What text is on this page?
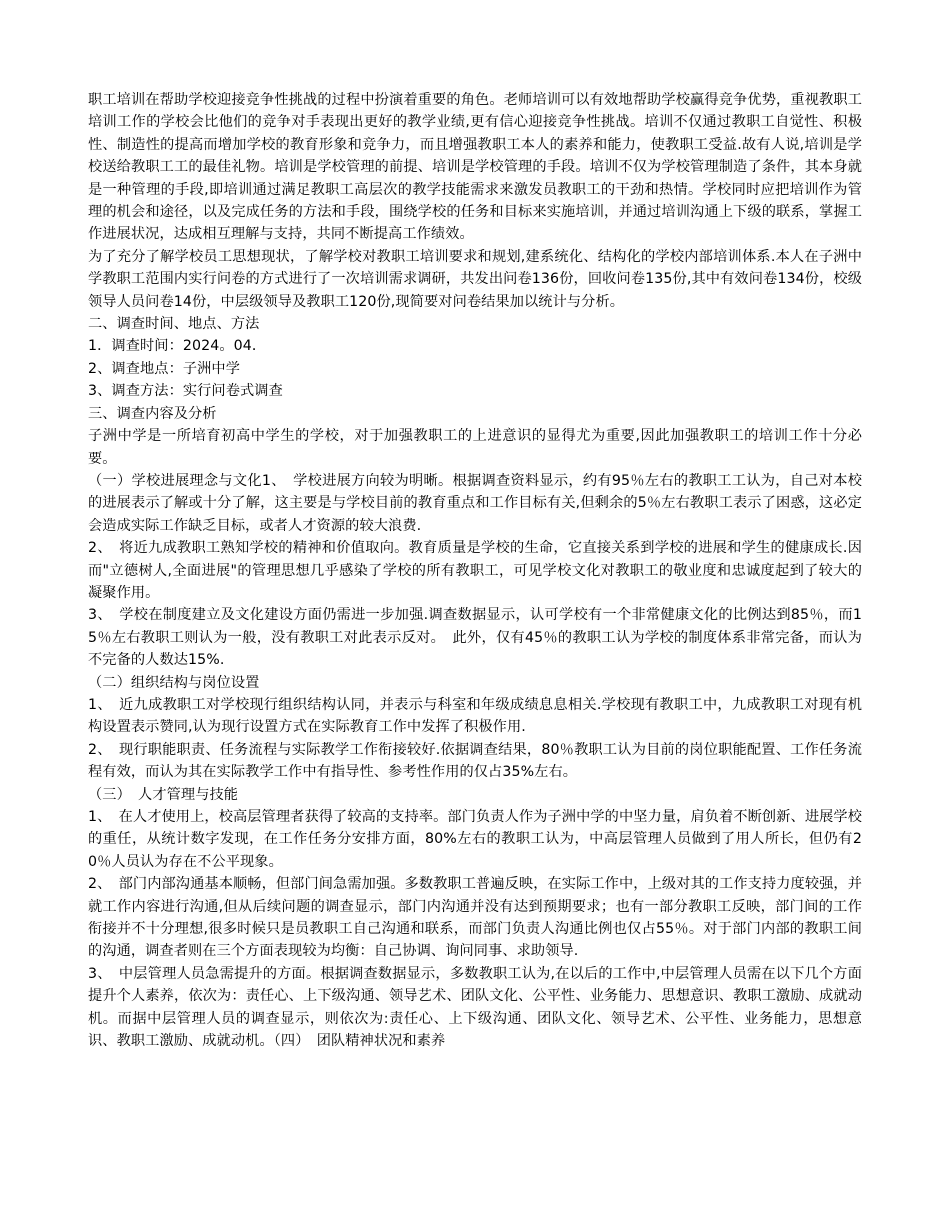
职工培训在帮助学校迎接竞争性挑战的过程中扮演着重要的角色。老师培训可以有效地帮助学校赢得竞争优势，重视教职工培训工作的学校会比他们的竞争对手表现出更好的教学业绩,更有信心迎接竞争性挑战。培训不仅通过教职工自觉性、积极性、制造性的提高而增加学校的教育形象和竞争力，而且增强教职工本人的素养和能力，使教职工受益.故有人说,培训是学校送给教职工工的最佳礼物。培训是学校管理的前提、培训是学校管理的手段。培训不仅为学校管理制造了条件，其本身就是一种管理的手段,即培训通过满足教职工高层次的教学技能需求来激发员教职工的干劲和热情。学校同时应把培训作为管理的机会和途径，以及完成任务的方法和手段，围绕学校的任务和目标来实施培训，并通过培训沟通上下级的联系，掌握工作进展状况，达成相互理解与支持，共同不断提高工作绩效。

为了充分了解学校员工思想现状，了解学校对教职工培训要求和规划,建系统化、结构化的学校内部培训体系.本人在子洲中学教职工范围内实行问卷的方式进行了一次培训需求调研，共发出问卷136份，回收问卷135份,其中有效问卷134份，校级领导人员问卷14份，中层级领导及教职工120份,现简要对问卷结果加以统计与分析。

二、调查时间、地点、方法

1．调查时间：2024。04．

2、调查地点：子洲中学

3、调查方法：实行问卷式调查

三、调查内容及分析

子洲中学是一所培育初高中学生的学校，对于加强教职工的上进意识的显得尤为重要,因此加强教职工的培训工作十分必要。

（一）学校进展理念与文化1、　学校进展方向较为明晰。根据调查资料显示，约有95％左右的教职工工认为，自己对本校的进展表示了解或十分了解，这主要是与学校目前的教育重点和工作目标有关,但剩余的5％左右教职工表示了困惑，这必定会造成实际工作缺乏目标，或者人才资源的较大浪费.

2、　将近九成教职工熟知学校的精神和价值取向。教育质量是学校的生命，它直接关系到学校的进展和学生的健康成长.因而"立德树人,全面进展"的管理思想几乎感染了学校的所有教职工，可见学校文化对教职工的敬业度和忠诚度起到了较大的凝聚作用。

3、　学校在制度建立及文化建设方面仍需进一步加强.调查数据显示，认可学校有一个非常健康文化的比例达到85％，而15％左右教职工则认为一般，没有教职工对此表示反对。　此外，仅有45％的教职工认为学校的制度体系非常完备，而认为不完备的人数达15%.

（二）组织结构与岗位设置

1、　近九成教职工对学校现行组织结构认同，并表示与科室和年级成绩息息相关.学校现有教职工中，九成教职工对现有机构设置表示赞同,认为现行设置方式在实际教育工作中发挥了积极作用.

2、　现行职能职责、任务流程与实际教学工作衔接较好.依据调查结果，80％教职工认为目前的岗位职能配置、工作任务流程有效，而认为其在实际教学工作中有指导性、参考性作用的仅占35%左右。

（三）　人才管理与技能

1、　在人才使用上，校高层管理者获得了较高的支持率。部门负责人作为子洲中学的中坚力量，肩负着不断创新、进展学校的重任，从统计数字发现，在工作任务分安排方面，80%左右的教职工认为，中高层管理人员做到了用人所长，但仍有20％人员认为存在不公平现象。

2、　部门内部沟通基本顺畅，但部门间急需加强。多数教职工普遍反映，在实际工作中，上级对其的工作支持力度较强，并就工作内容进行沟通,但从后续问题的调查显示，部门内沟通并没有达到预期要求；也有一部分教职工反映，部门间的工作衔接并不十分理想,很多时候只是员教职工自己沟通和联系，而部门负责人沟通比例也仅占55％。对于部门内部的教职工间的沟通，调查者则在三个方面表现较为均衡：自己协调、询问同事、求助领导.

3、　中层管理人员急需提升的方面。根据调查数据显示，多数教职工认为,在以后的工作中,中层管理人员需在以下几个方面提升个人素养，依次为：责任心、上下级沟通、领导艺术、团队文化、公平性、业务能力、思想意识、教职工激励、成就动机。而据中层管理人员的调查显示，则依次为:责任心、上下级沟通、团队文化、领导艺术、公平性、业务能力，思想意识、教职工激励、成就动机。（四）　团队精神状况和素养
